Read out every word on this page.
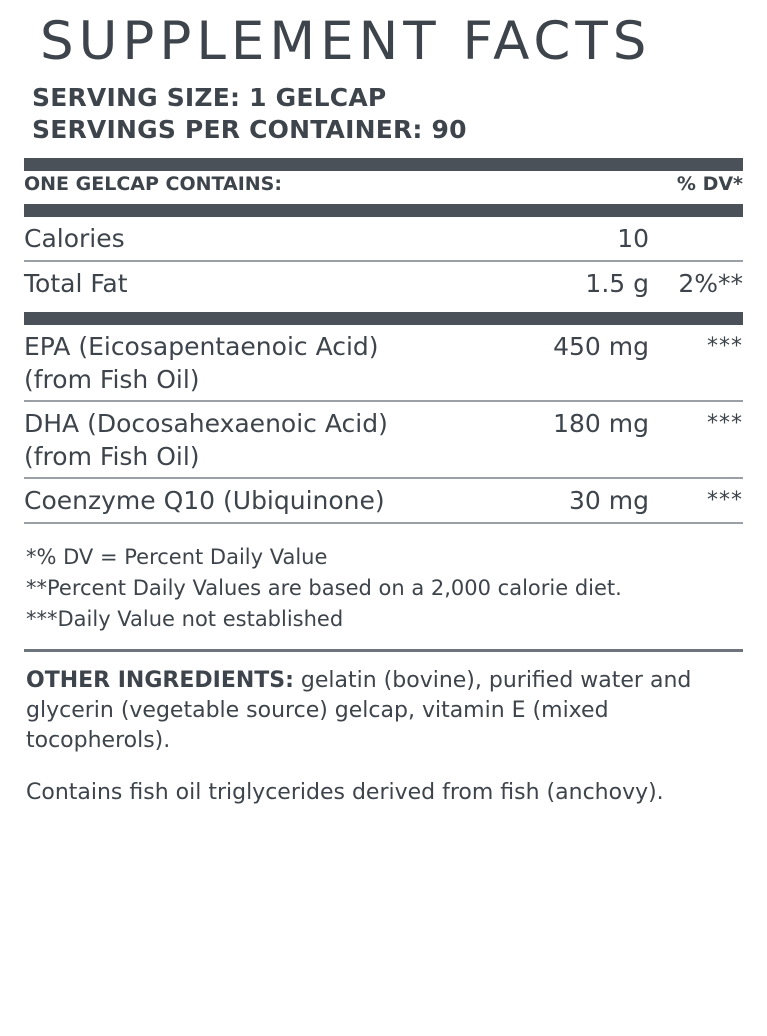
SUPPLEMENT FACTS
SERVING SIZE: 1 GELCAP
SERVINGS PER CONTAINER: 90
ONE GELCAP CONTAINS:	% DV*
Calories	10
Total Fat	1.5 g	2%**
EPA (Eicosapentaenoic Acid)
(from Fish Oil)
450 mg	***
DHA (Docosahexaenoic Acid)
(from Fish Oil)
180 mg	***
Coenzyme Q10 (Ubiquinone)	30 mg	***
*% DV = Percent Daily Value
**Percent Daily Values are based on a 2,000 calorie diet.
***Daily Value not established
OTHER INGREDIENTS: gelatin (bovine), purified water and glycerin (vegetable source) gelcap, vitamin E (mixed tocopherols).
Contains fish oil triglycerides derived from fish (anchovy).
